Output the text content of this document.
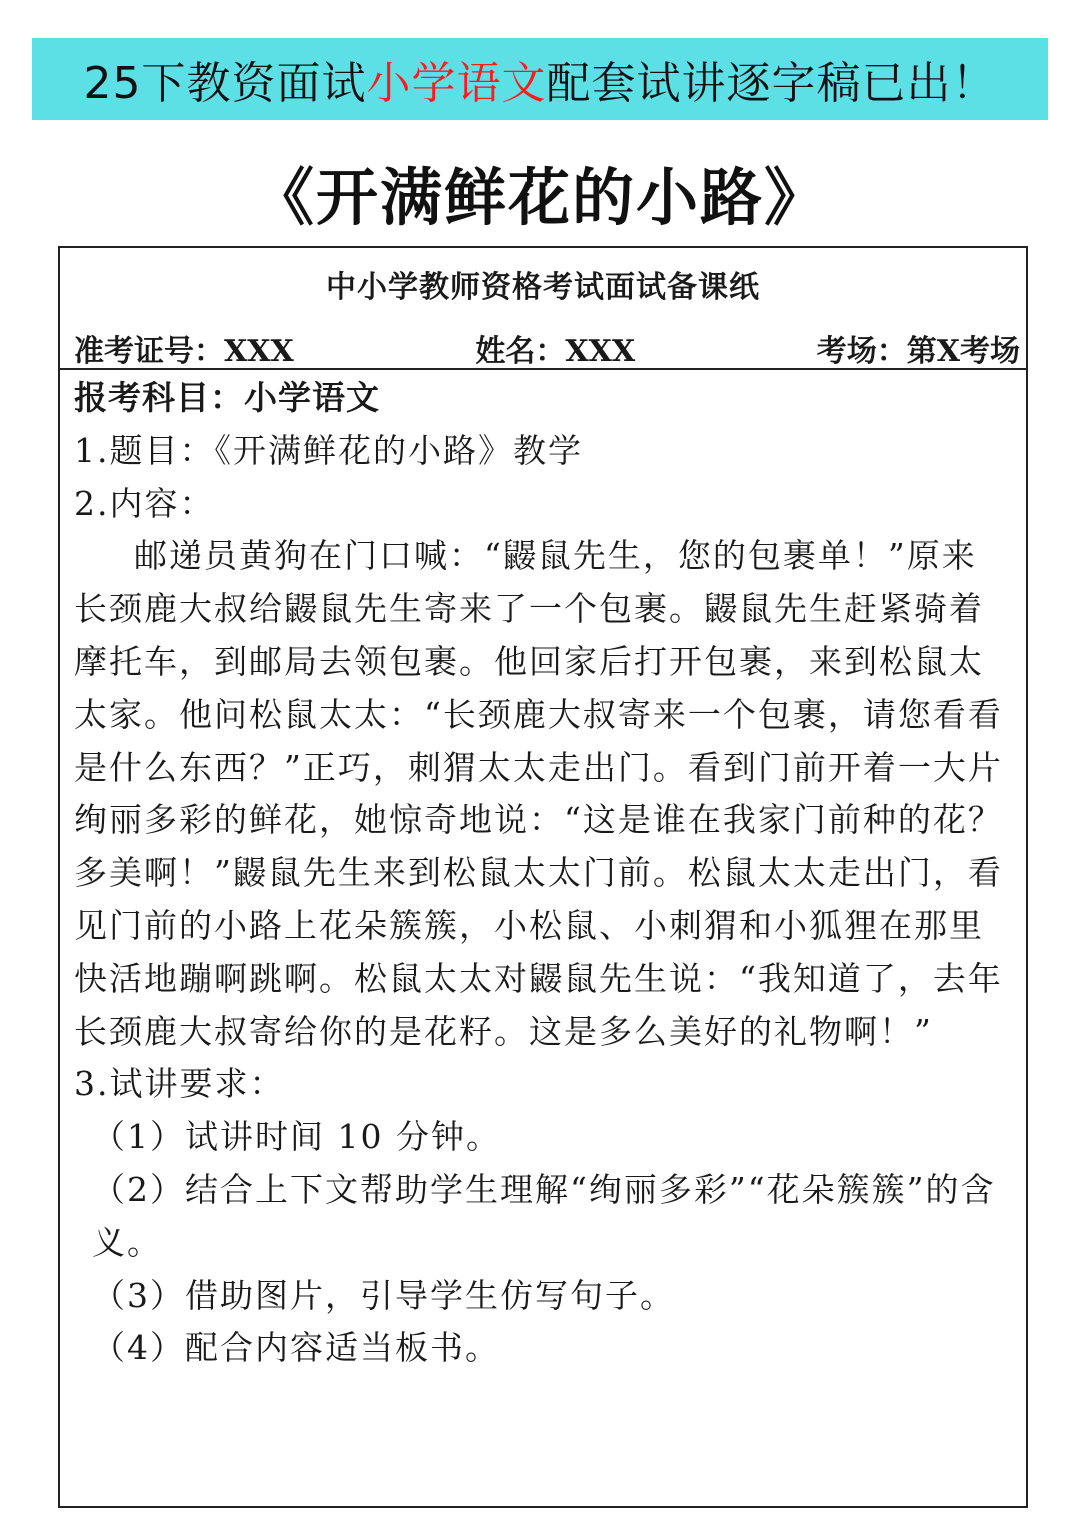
25下教资面试 小学语文 配套试讲逐字稿已出！
《开满鲜花的小路》
中小学教师资格考试面试备课纸
准考证号：XXX	姓名：XXX	考场：第X考场

报考科目：小学语文

1.题目：《开满鲜花的小路》教学

2.内容：

邮递员黄狗在门口喊：“鼹鼠先生，您的包裹单！”原来长颈鹿大叔给鼹鼠先生寄来了一个包裹。鼹鼠先生赶紧骑着摩托车，到邮局去领包裹。他回家后打开包裹，来到松鼠太太家。他问松鼠太太：“长颈鹿大叔寄来一个包裹，请您看看是什么东西？”正巧，刺猬太太走出门。看到门前开着一大片绚丽多彩的鲜花，她惊奇地说：“这是谁在我家门前种的花？多美啊！”鼹鼠先生来到松鼠太太门前。松鼠太太走出门，看见门前的小路上花朵簇簇，小松鼠、小刺猬和小狐狸在那里快活地蹦啊跳啊。松鼠太太对鼹鼠先生说：“我知道了，去年长颈鹿大叔寄给你的是花籽。这是多么美好的礼物啊！”

3.试讲要求：

（1）试讲时间 10 分钟。

（2）结合上下文帮助学生理解“绚丽多彩”“花朵簇簇”的含义。

（3）借助图片，引导学生仿写句子。

（4）配合内容适当板书。
